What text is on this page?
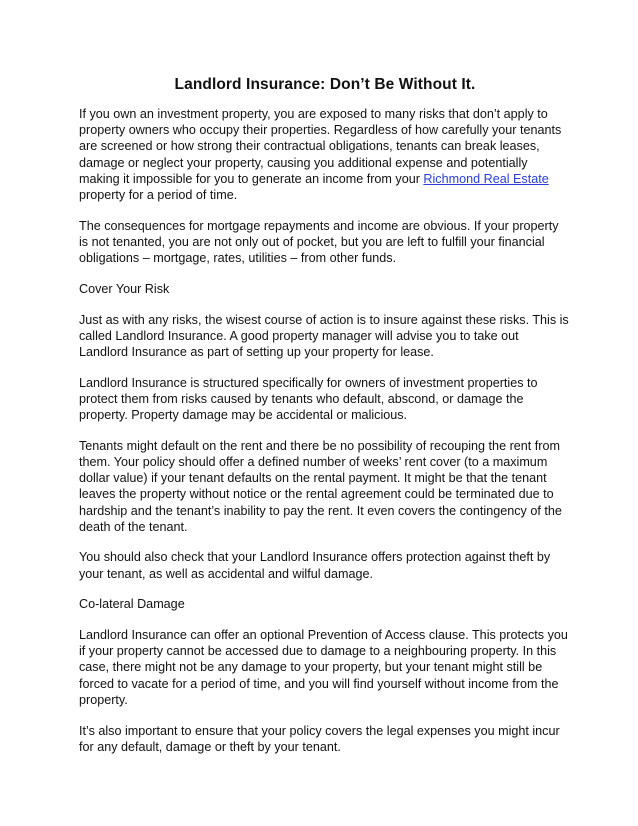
Landlord Insurance: Don’t Be Without It.
If you own an investment property, you are exposed to many risks that don’t apply to
property owners who occupy their properties. Regardless of how carefully your tenants
are screened or how strong their contractual obligations, tenants can break leases,
damage or neglect your property, causing you additional expense and potentially
making it impossible for you to generate an income from your Richmond Real Estate
property for a period of time.
The consequences for mortgage repayments and income are obvious. If your property
is not tenanted, you are not only out of pocket, but you are left to fulfill your financial
obligations – mortgage, rates, utilities – from other funds.
Cover Your Risk
Just as with any risks, the wisest course of action is to insure against these risks. This is
called Landlord Insurance. A good property manager will advise you to take out
Landlord Insurance as part of setting up your property for lease.
Landlord Insurance is structured specifically for owners of investment properties to
protect them from risks caused by tenants who default, abscond, or damage the
property. Property damage may be accidental or malicious.
Tenants might default on the rent and there be no possibility of recouping the rent from
them. Your policy should offer a defined number of weeks’ rent cover (to a maximum
dollar value) if your tenant defaults on the rental payment. It might be that the tenant
leaves the property without notice or the rental agreement could be terminated due to
hardship and the tenant’s inability to pay the rent. It even covers the contingency of the
death of the tenant.
You should also check that your Landlord Insurance offers protection against theft by
your tenant, as well as accidental and wilful damage.
Co-lateral Damage
Landlord Insurance can offer an optional Prevention of Access clause. This protects you
if your property cannot be accessed due to damage to a neighbouring property. In this
case, there might not be any damage to your property, but your tenant might still be
forced to vacate for a period of time, and you will find yourself without income from the
property.
It’s also important to ensure that your policy covers the legal expenses you might incur
for any default, damage or theft by your tenant.
